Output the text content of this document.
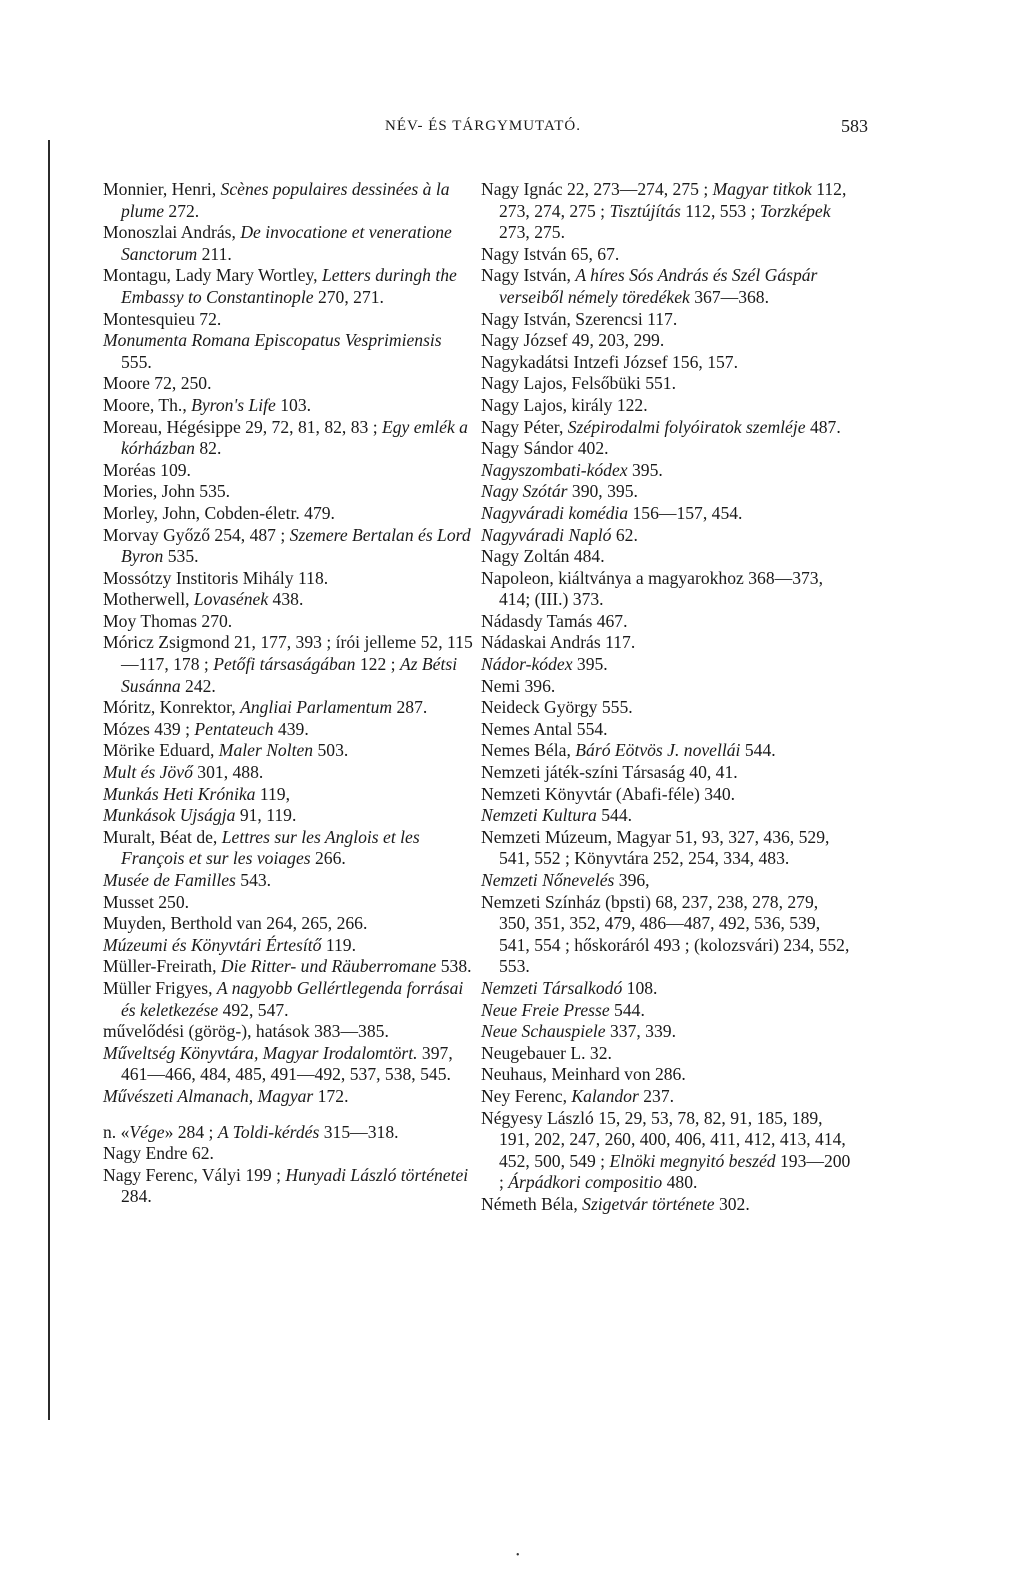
NÉV- ÉS TÁRGYMUTATÓ.	583

Monnier, Henri, Scènes populaires dessinées à la plume 272.

Monoszlai András, De invocatione et veneratione Sanctorum 211.

Montagu, Lady Mary Wortley, Letters duringh the Embassy to Constantinople 270, 271.

Montesquieu 72.

Monumenta Romana Episcopatus Vesprimiensis 555.

Moore 72, 250.

Moore, Th., Byron's Life 103.

Moreau, Hégésippe 29, 72, 81, 82, 83 ; Egy emlék a kórházban 82.

Moréas 109.

Mories, John 535.

Morley, John, Cobden-életr. 479.

Morvay Győző 254, 487 ; Szemere Bertalan és Lord Byron 535.

Mossótzy Institoris Mihály 118.

Motherwell, Lovasének 438.

Moy Thomas 270.

Móricz Zsigmond 21, 177, 393 ; írói jelleme 52, 115—117, 178 ; Petőfi társaságában 122 ; Az Bétsi Susánna 242.

Móritz, Konrektor, Angliai Parlamentum 287.

Mózes 439 ; Pentateuch 439.

Mörike Eduard, Maler Nolten 503.

Mult és Jövő 301, 488.

Munkás Heti Krónika 119,

Munkások Ujságja 91, 119.

Muralt, Béat de, Lettres sur les Anglois et les François et sur les voiages 266.

Musée de Familles 543.

Musset 250.

Muyden, Berthold van 264, 265, 266.

Múzeumi és Könyvtári Értesítő 119.

Müller-Freirath, Die Ritter- und Räuberromane 538.

Müller Frigyes, A nagyobb Gellértlegenda forrásai és keletkezése 492, 547.

művelődési (görög-), hatások 383—385.

Műveltség Könyvtára, Magyar Irodalomtört. 397, 461—466, 484, 485, 491—492, 537, 538, 545.

Művészeti Almanach, Magyar 172.

n. «Vége» 284 ; A Toldi-kérdés 315—318.

Nagy Endre 62.

Nagy Ferenc, Vályi 199 ; Hunyadi László történetei 284.

Nagy Ignác 22, 273—274, 275 ; Magyar titkok 112, 273, 274, 275 ; Tisztújítás 112, 553 ; Torzképek 273, 275.

Nagy István 65, 67.

Nagy István, A híres Sós András és Szél Gáspár verseiből némely töredékek 367—368.

Nagy István, Szerencsi 117.

Nagy József 49, 203, 299.

Nagykadátsi Intzefi József 156, 157.

Nagy Lajos, Felsőbüki 551.

Nagy Lajos, király 122.

Nagy Péter, Szépirodalmi folyóiratok szemléje 487.

Nagy Sándor 402.

Nagyszombati-kódex 395.

Nagy Szótár 390, 395.

Nagyváradi komédia 156—157, 454.

Nagyváradi Napló 62.

Nagy Zoltán 484.

Napoleon, kiáltványa a magyarokhoz 368—373, 414; (III.) 373.

Nádasdy Tamás 467.

Nádaskai András 117.

Nádor-kódex 395.

Nemi 396.

Neideck György 555.

Nemes Antal 554.

Nemes Béla, Báró Eötvös J. novellái 544.

Nemzeti játék-színi Társaság 40, 41.

Nemzeti Könyvtár (Abafi-féle) 340.

Nemzeti Kultura 544.

Nemzeti Múzeum, Magyar 51, 93, 327, 436, 529, 541, 552 ; Könyvtára 252, 254, 334, 483.

Nemzeti Nőnevelés 396,

Nemzeti Színház (bpsti) 68, 237, 238, 278, 279, 350, 351, 352, 479, 486—487, 492, 536, 539, 541, 554 ; hőskoráról 493 ; (kolozsvári) 234, 552, 553.

Nemzeti Társalkodó 108.

Neue Freie Presse 544.

Neue Schauspiele 337, 339.

Neugebauer L. 32.

Neuhaus, Meinhard von 286.

Ney Ferenc, Kalandor 237.

Négyesy László 15, 29, 53, 78, 82, 91, 185, 189, 191, 202, 247, 260, 400, 406, 411, 412, 413, 414, 452, 500, 549 ; Elnöki megnyitó beszéd 193—200 ; Árpádkori compositio 480.

Németh Béla, Szigetvár története 302.

•
